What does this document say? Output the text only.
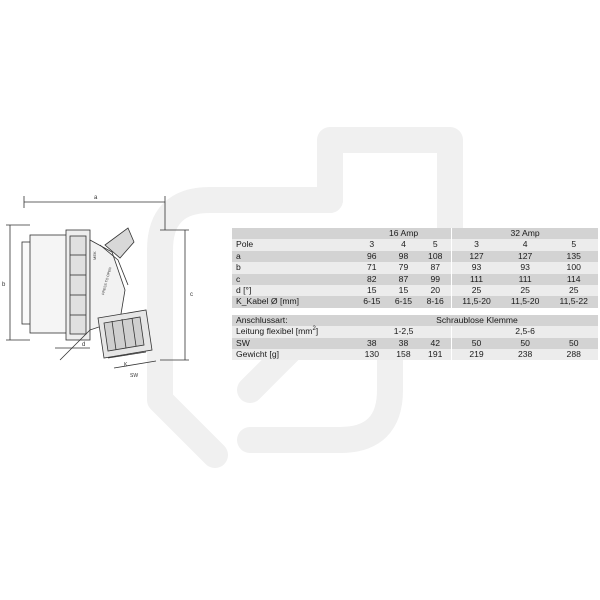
a
b
c
d
K
SW
MEK
PRESS TO OPEN
	16 Amp			32 Amp		
Pole	3	4	5	3	4	5
a	96	98	108	127	127	135
b	71	79	87	93	93	100
c	82	87	99	111	111	114
d [°]	15	15	20	25	25	25
K_Kabel Ø [mm]	6-15	6-15	8-16	11,5-20	11,5-20	11,5-22

Anschlussart:	Schraublose Klemme					
Leitung flexibel $[mm^2]$	1-2,5			2,5-6		
SW	38	38	42	50	50	50
Gewicht [g]	130	158	191	219	238	288
